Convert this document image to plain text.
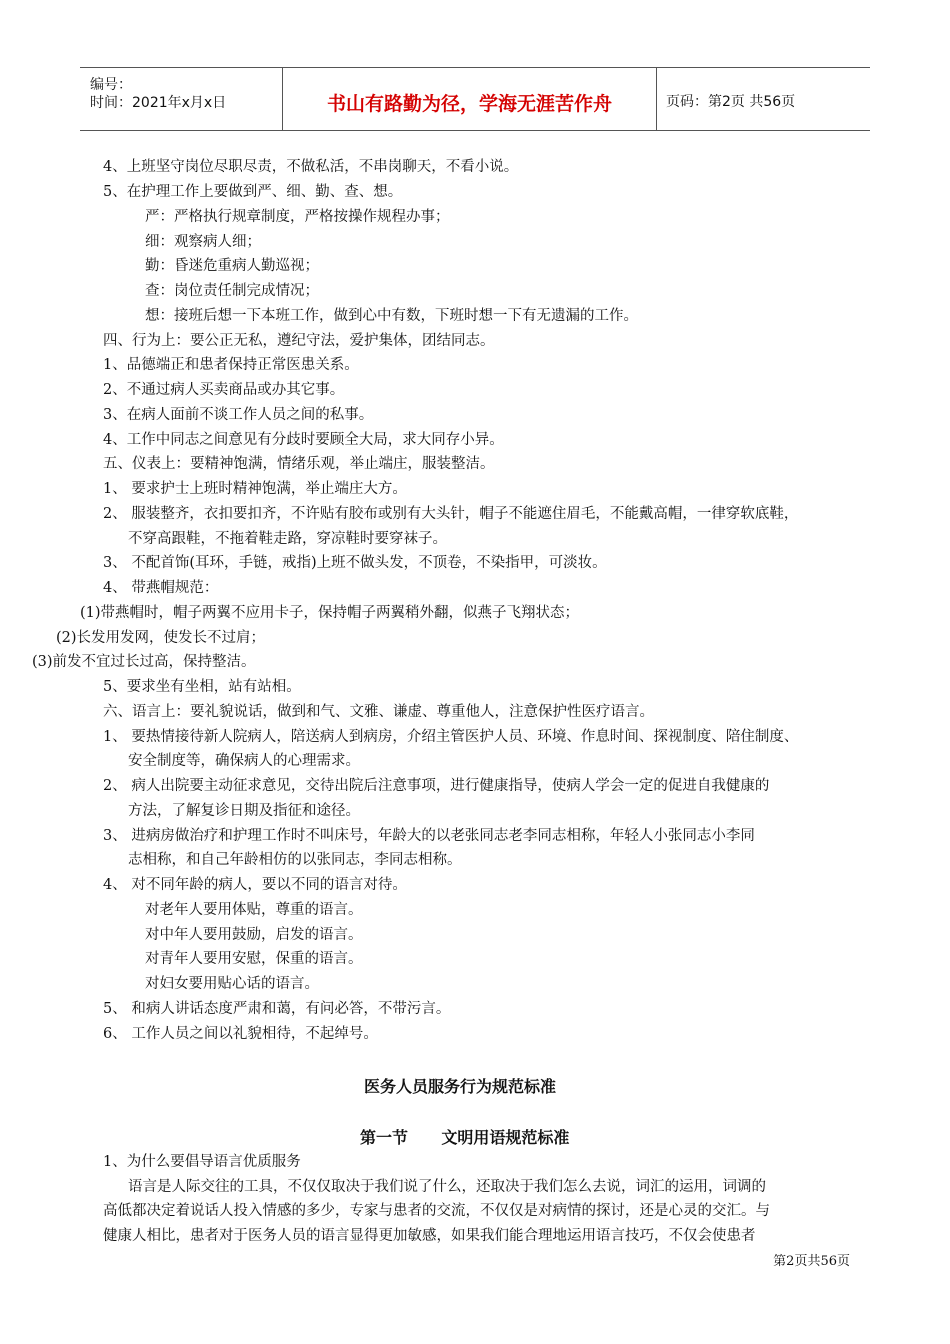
编号：
时间：2021年x月x日	书山有路勤为径，学海无涯苦作舟	页码：第2页 共56页
4、上班坚守岗位尽职尽责，不做私活，不串岗聊天，不看小说。
5、在护理工作上要做到严、细、勤、查、想。
严：严格执行规章制度，严格按操作规程办事；
细：观察病人细；
勤：昏迷危重病人勤巡视；
查：岗位责任制完成情况；
想：接班后想一下本班工作，做到心中有数，下班时想一下有无遗漏的工作。
四、行为上：要公正无私，遵纪守法，爱护集体，团结同志。
1、品德端正和患者保持正常医患关系。
2、不通过病人买卖商品或办其它事。
3、在病人面前不谈工作人员之间的私事。
4、工作中同志之间意见有分歧时要顾全大局，求大同存小异。
五、仪表上：要精神饱满，情绪乐观，举止端庄，服装整洁。
1、 要求护士上班时精神饱满，举止端庄大方。
2、 服装整齐，衣扣要扣齐，不许贴有胶布或别有大头针，帽子不能遮住眉毛，不能戴高帽，一律穿软底鞋，
不穿高跟鞋，不拖着鞋走路，穿凉鞋时要穿袜子。
3、 不配首饰(耳环，手链，戒指)上班不做头发，不顶卷，不染指甲，可淡妆。
4、 带燕帽规范：
(1)带燕帽时，帽子两翼不应用卡子，保持帽子两翼稍外翻，似燕子飞翔状态；
(2)长发用发网，使发长不过肩；
(3)前发不宜过长过高，保持整洁。
5、要求坐有坐相，站有站相。
六、语言上：要礼貌说话，做到和气、文雅、谦虚、尊重他人，注意保护性医疗语言。
1、 要热情接待新人院病人，陪送病人到病房，介绍主管医护人员、环境、作息时间、探视制度、陪住制度、
安全制度等，确保病人的心理需求。
2、 病人出院要主动征求意见，交待出院后注意事项，进行健康指导，使病人学会一定的促进自我健康的
方法，了解复诊日期及指征和途径。
3、 进病房做治疗和护理工作时不叫床号，年龄大的以老张同志老李同志相称，年轻人小张同志小李同
志相称，和自己年龄相仿的以张同志，李同志相称。
4、 对不同年龄的病人，要以不同的语言对待。
对老年人要用体贴，尊重的语言。
对中年人要用鼓励，启发的语言。
对青年人要用安慰，保重的语言。
对妇女要用贴心话的语言。
5、 和病人讲话态度严肃和蔼，有问必答，不带污言。
6、 工作人员之间以礼貌相待，不起绰号。
医务人员服务行为规范标准
第一节      文明用语规范标准
1、为什么要倡导语言优质服务
语言是人际交往的工具，不仅仅取决于我们说了什么，还取决于我们怎么去说，词汇的运用，词调的
高低都决定着说话人投入情感的多少，专家与患者的交流，不仅仅是对病情的探讨，还是心灵的交汇。与
健康人相比，患者对于医务人员的语言显得更加敏感，如果我们能合理地运用语言技巧，不仅会使患者
第2页共56页
